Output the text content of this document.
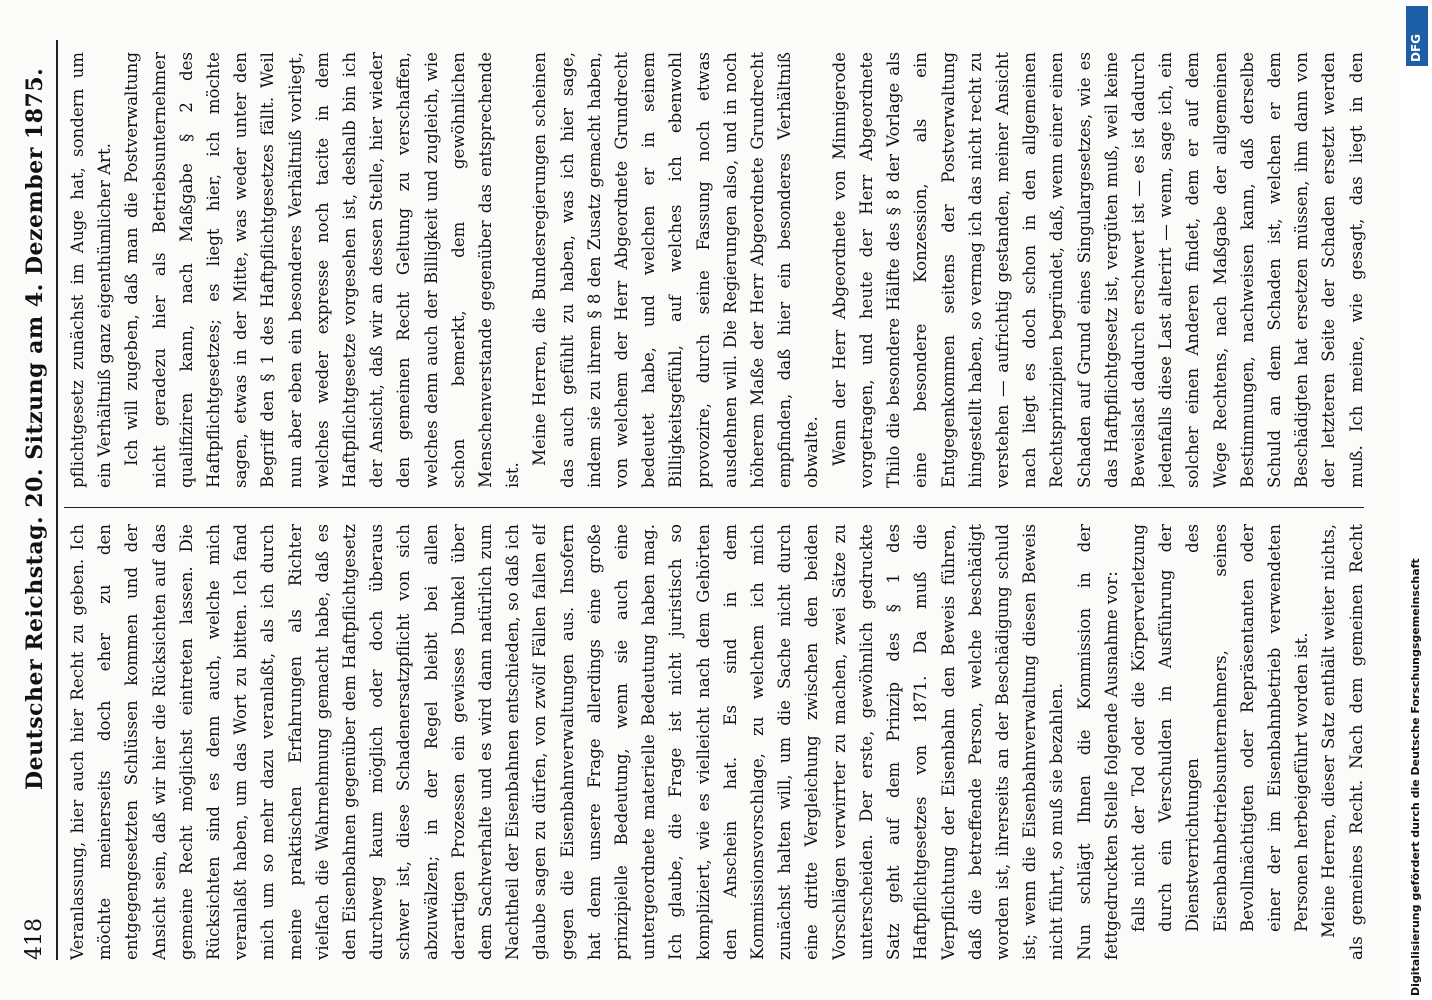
418
Deutscher Reichstag. 20. Sitzung am 4. Dezember 1875. Veranlassung, hier auch hier Recht zu geben. Ich möchte meinerseits doch eher zu den entgegengesetzten Schlüssen kommen und der Ansicht sein, daß wir hier die Rücksichten auf das gemeine Recht möglichst eintreten lassen. Die Rücksichten sind es denn auch, welche mich veranlaßt haben, um das Wort zu bitten. Ich fand mich um so mehr dazu veranlaßt, als ich durch meine praktischen Erfahrungen als Richter vielfach die Wahrnehmung gemacht habe, daß es den Eisenbahnen gegenüber dem Haftpflichtgesetz durchweg kaum möglich oder doch überaus schwer ist, diese Schadenersatzpflicht von sich abzuwälzen; in der Regel bleibt bei allen derartigen Prozessen ein gewisses Dunkel über dem Sachverhalte und es wird dann natürlich zum Nachtheil der Eisenbahnen entschieden, so daß ich glaube sagen zu dürfen, von zwölf Fällen fallen elf gegen die Eisenbahnverwaltungen aus. Insofern hat denn unsere Frage allerdings eine große prinzipielle Bedeutung, wenn sie auch eine untergeordnete materielle Bedeutung haben mag. Ich glaube, die Frage ist nicht juristisch so kompliziert, wie es vielleicht nach dem Gehörten den Anschein hat. Es sind in dem Kommissionsvorschlage, zu welchem ich mich zunächst halten will, um die Sache nicht durch eine dritte Vergleichung zwischen den beiden Vorschlägen verwirrter zu machen, zwei Sätze zu unterscheiden. Der erste, gewöhnlich gedruckte Satz geht auf dem Prinzip des § 1 des Haftpflichtgesetzes von 1871. Da muß die Verpflichtung der Eisenbahn den Beweis führen, daß die betreffende Person, welche beschädigt worden ist, ihrerseits an der Beschädigung schuld ist; wenn die Eisenbahnverwaltung diesen Beweis nicht führt, so muß sie bezahlen. Nun schlägt Ihnen die Kommission in der fettgedruckten Stelle folgende Ausnahme vor: falls nicht der Tod oder die Körperverletzung durch ein Verschulden in Ausführung der Dienstverrichtungen des Eisenbahnbetriebsunternehmers, seines Bevollmächtigten oder Repräsentanten oder einer der im Eisenbahnbetrieb verwendeten Personen herbeigeführt worden ist. Meine Herren, dieser Satz enthält weiter nichts, als gemeines Recht. Nach dem gemeinen Recht

pflichtgesetz zunächst im Auge hat, sondern um ein Verhältniß ganz eigenthümlicher Art. Ich will zugeben, daß man die Postverwaltung nicht geradezu hier als Betriebsunternehmer qualifiziren kann, nach Maßgabe § 2 des Haftpflichtgesetzes; es liegt hier, ich möchte sagen, etwas in der Mitte, was weder unter den Begriff den § 1 des Haftpflichtgesetzes fällt. Weil nun aber eben ein besonderes Verhältniß vorliegt, welches weder expresse noch tacite in dem Haftpflichtgesetze vorgesehen ist, deshalb bin ich der Ansicht, daß wir an dessen Stelle, hier wieder den gemeinen Recht Geltung zu verschaffen, welches denn auch der Billigkeit und zugleich, wie schon bemerkt, dem gewöhnlichen Menschenverstande gegenüber das entsprechende ist.

Meine Herren, die Bundesregierungen scheinen das auch gefühlt zu haben, was ich hier sage, indem sie zu ihrem § 8 den Zusatz gemacht haben, von welchem der Herr Abgeordnete Grundrecht bedeutet habe, und welchen er in seinem Billigkeitsgefühl, auf welches ich ebenwohl provozire, durch seine Fassung noch etwas ausdehnen will. Die Regierungen also, und in noch höherem Maße der Herr Abgeordnete Grundrecht empfinden, daß hier ein besonderes Verhältniß obwalte. Wenn der Herr Abgeordnete von Minnigerode vorgetragen, und heute der Herr Abgeordnete Thilo die besondere Hälfte des § 8 der Vorlage als eine besondere Konzession, als ein Entgegenkommen seitens der Postverwaltung hingestellt haben, so vermag ich das nicht recht zu verstehen — aufrichtig gestanden, meiner Ansicht nach liegt es doch schon in den allgemeinen Rechtsprinzipien begründet, daß, wenn einer einen Schaden auf Grund eines Singulargesetzes, wie es das Haftpflichtgesetz ist, vergüten muß, weil keine Beweislast dadurch erschwert ist — es ist dadurch jedenfalls diese Last alterirt — wenn, sage ich, ein solcher einen Anderen findet, dem er auf dem Wege Rechtens, nach Maßgabe der allgemeinen Bestimmungen, nachweisen kann, daß derselbe Schuld an dem Schaden ist, welchen er dem Beschädigten hat ersetzen müssen, ihm dann von der letzteren Seite der Schaden ersetzt werden muß. Ich meine, wie gesagt, das liegt in den

DFG
Digitalisierung gefördert durch die Deutsche Forschungsgemeinschaft
